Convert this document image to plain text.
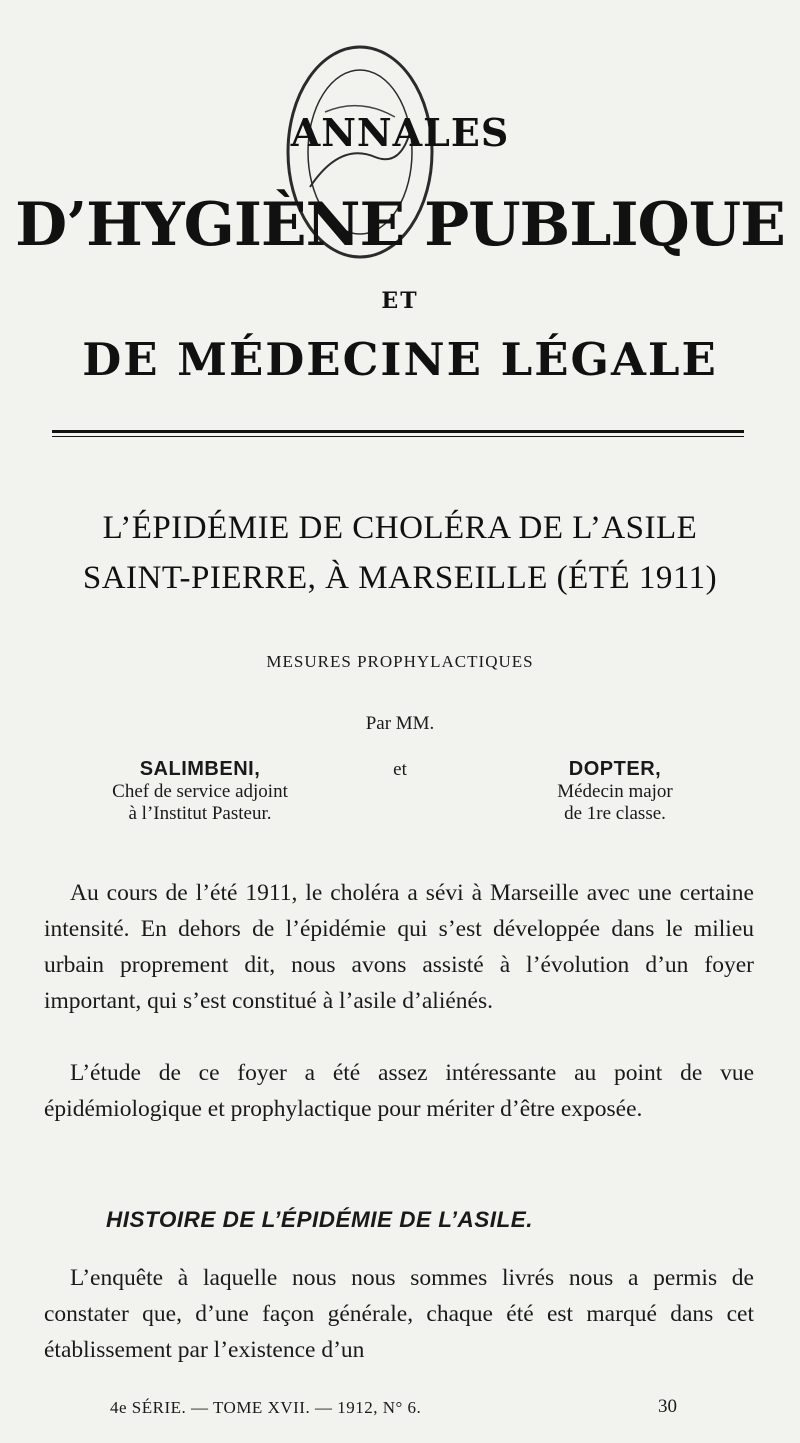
ANNALES
D’HYGIÈNE PUBLIQUE
ET
DE MÉDECINE LÉGALE
L’ÉPIDÉMIE DE CHOLÉRA DE L’ASILE
SAINT-PIERRE, À MARSEILLE (ÉTÉ 1911)
MESURES PROPHYLACTIQUES
Par MM.
et
SALIMBENI,
Chef de service adjoint
à l’Institut Pasteur.
DOPTER,
Médecin major
de 1re classe.

Au cours de l’été 1911, le choléra a sévi à Marseille avec une certaine intensité. En dehors de l’épidémie qui s’est développée dans le milieu urbain proprement dit, nous avons assisté à l’évolution d’un foyer important, qui s’est constitué à l’asile d’aliénés.

L’étude de ce foyer a été assez intéressante au point de vue épidémiologique et prophylactique pour mériter d’être exposée.

HISTOIRE DE L’ÉPIDÉMIE DE L’ASILE.

L’enquête à laquelle nous nous sommes livrés nous a permis de constater que, d’une façon générale, chaque été est marqué dans cet établissement par l’existence d’un

4e SÉRIE. — TOME XVII. — 1912, N° 6.	30
